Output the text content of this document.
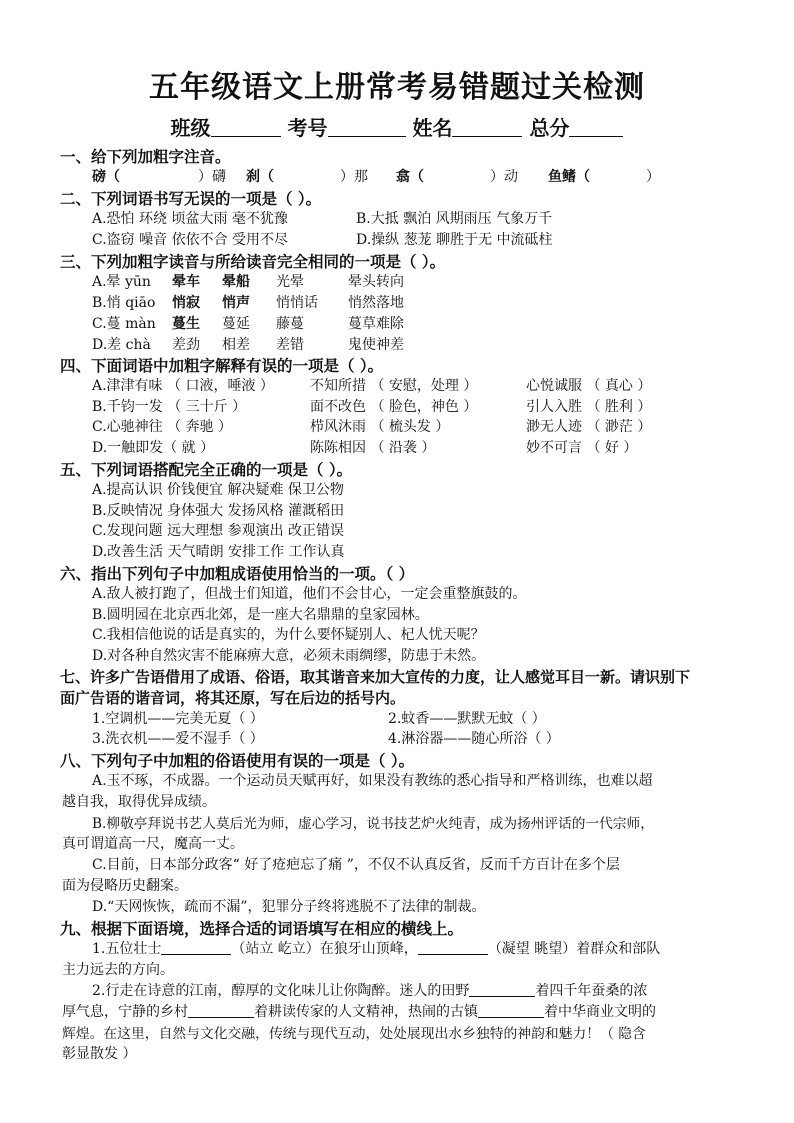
五年级语文上册常考易错题过关检测
班级	考号	姓名	总分
一、给下列加粗字注音。
磅（	）礴 刹（	）那 翕（	）动 鱼鳍（	）
二、下列词语书写无误的一项是（ ）。
A.恐怕 环绕 顷盆大雨 毫不犹豫	B.大抵 飘泊 风期雨压 气象万千
C.盗窃 噪音 依依不合 受用不尽	D.操纵 葱茏 聊胜于无 中流砥柱
三、下列加粗字读音与所给读音完全相同的一项是（ ）。
A.晕 yūn 晕车 晕船 光晕	晕头转向
B.悄 qiāo 悄寂 悄声 悄悄话 悄然落地
C.蔓 màn 蔓生 蔓延 藤蔓	蔓草难除
D.差 chà 差劲 相差 差错	鬼使神差
四、下面词语中加粗字解释有误的一项是（ ）。
A.津津有味 （ 口液，唾液 ）	不知所措 （ 安慰，处理 ）	心悦诚服 （ 真心 ）
B.千钧一发 （ 三十斤 ）	面不改色 （ 脸色，神色 ）	引人入胜 （ 胜利 ）
C.心驰神往 （ 奔驰 ）	栉风沐雨 （ 梳头发 ）	渺无人迹 （ 渺茫 ）
D.一触即发（ 就 ）	陈陈相因 （ 沿袭 ）	妙不可言 （ 好 ）
五、下列词语搭配完全正确的一项是（ ）。
A.提高认识 价钱便宜 解决疑难 保卫公物
B.反映情况 身体强大 发扬风格 灌溉稻田
C.发现问题 远大理想 参观演出 改正错误
D.改善生活 天气晴朗 安排工作 工作认真
六、指出下列句子中加粗成语使用恰当的一项。（ ）
A.敌人被打跑了，但战士们知道，他们不会甘心，一定会重整旗鼓的。
B.圆明园在北京西北郊，是一座大名鼎鼎的皇家园林。
C.我相信他说的话是真实的，为什么要怀疑别人、杞人忧天呢？
D.对各种自然灾害不能麻痹大意，必须未雨绸缪，防患于未然。
七、许多广告语借用了成语、俗语，取其谐音来加大宣传的力度，让人感觉耳目一新。请识别下
面广告语的谐音词，将其还原，写在后边的括号内。
1.空调机——完美无夏（ ）	2.蚊香——默默无蚊（ ）
3.洗衣机——爱不湿手（ ）	4.淋浴器——随心所浴（ ）
八、下列句子中加粗的俗语使用有误的一项是（ ）。
A.玉不琢，不成器。一个运动员天赋再好，如果没有教练的悉心指导和严格训练，也难以超
越自我，取得优异成绩。
B.柳敬亭拜说书艺人莫后光为师，虚心学习，说书技艺炉火纯青，成为扬州评话的一代宗师，
真可谓道高一尺，魔高一丈。
C.目前，日本部分政客“ 好了疮疤忘了痛 ”，不仅不认真反省，反而千方百计在多个层
面为侵略历史翻案。
D.“天网恢恢，疏而不漏”，犯罪分子终将逃脱不了法律的制裁。
九、根据下面语境，选择合适的词语填写在相应的横线上。
1.五位壮士	（站立 屹立）在狼牙山顶峰，	（凝望 眺望）着群众和部队
主力远去的方向。
2.行走在诗意的江南，醇厚的文化味儿让你陶醉。迷人的田野	着四千年蚕桑的浓
厚气息，宁静的乡村	着耕读传家的人文精神，热闹的古镇	着中华商业文明的
辉煌。在这里，自然与文化交融，传统与现代互动，处处展现出水乡独特的神韵和魅力！（ 隐含
彰显散发 ）
